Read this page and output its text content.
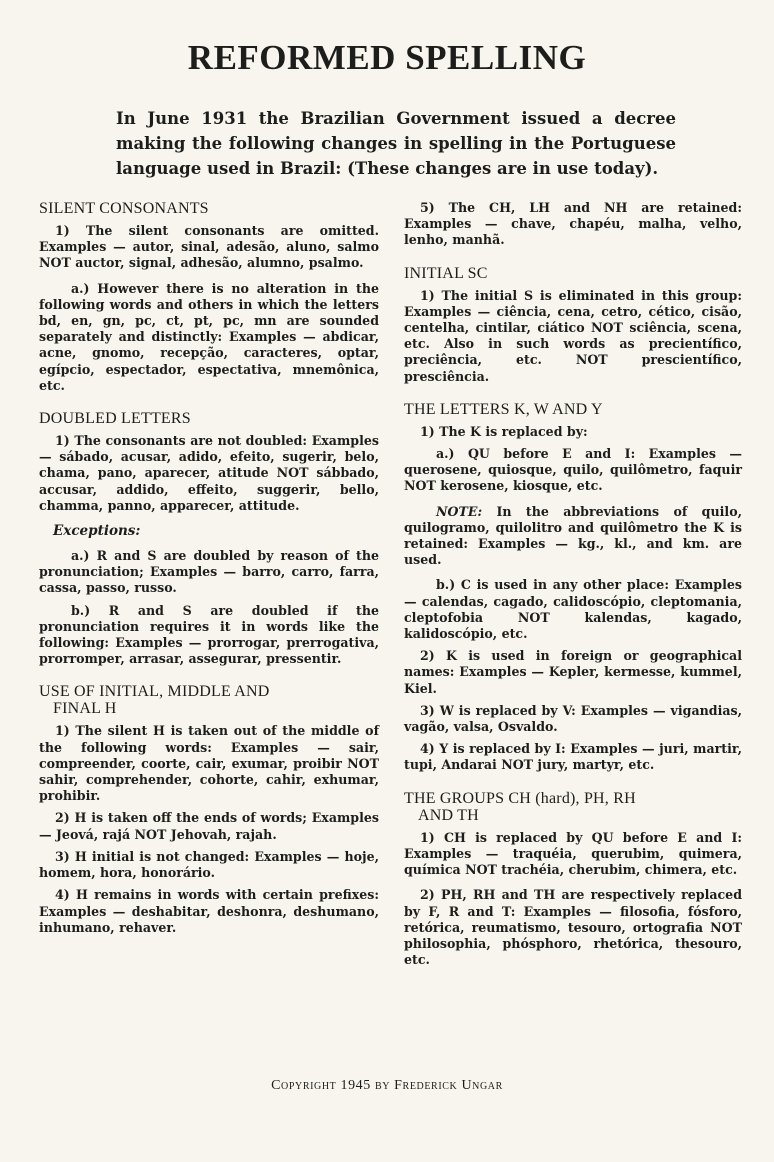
REFORMED SPELLING

In June 1931 the Brazilian Government issued a decree making the following changes in spelling in the Portuguese language used in Brazil: (These changes are in use today).

SILENT CONSONANTS

1) The silent consonants are omitted. Examples — autor, sinal, adesão, aluno, salmo NOT auctor, signal, adhesão, alumno, psalmo.

a.) However there is no alteration in the following words and others in which the letters bd, en, gn, pc, ct, pt, pc, mn are sounded separately and distinctly: Examples — abdicar, acne, gnomo, recepção, caracteres, optar, egípcio, espectador, espectativa, mnemônica, etc.

DOUBLED LETTERS

1) The consonants are not doubled: Examples — sábado, acusar, adido, efeito, sugerir, belo, chama, pano, aparecer, atitude NOT sábbado, accusar, addido, effeito, suggerir, bello, chamma, panno, apparecer, attitude.

Exceptions:

a.) R and S are doubled by reason of the pronunciation; Examples — barro, carro, farra, cassa, passo, russo.

b.) R and S are doubled if the pronunciation requires it in words like the following: Examples — prorrogar, prerrogativa, prorromper, arrasar, assegurar, pressentir.

USE OF INITIAL, MIDDLE AND
FINAL H

1) The silent H is taken out of the middle of the following words: Examples — sair, compreender, coorte, cair, exumar, proibir NOT sahir, comprehender, cohorte, cahir, exhumar, prohibir.

2) H is taken off the ends of words; Examples — Jeová, rajá NOT Jehovah, rajah.

3) H initial is not changed: Examples — hoje, homem, hora, honorário.

4) H remains in words with certain prefixes: Examples — deshabitar, deshonra, deshumano, inhumano, rehaver.

5) The CH, LH and NH are retained: Examples — chave, chapéu, malha, velho, lenho, manhã.

INITIAL SC

1) The initial S is eliminated in this group: Examples — ciência, cena, cetro, cético, cisão, centelha, cintilar, ciático NOT sciência, scena, etc. Also in such words as precientífico, preciência, etc. NOT prescientífico, presciência.

THE LETTERS K, W AND Y

1) The K is replaced by:

a.) QU before E and I: Examples — querosene, quiosque, quilo, quilômetro, faquir NOT kerosene, kiosque, etc.

NOTE: In the abbreviations of quilo, quilogramo, quilolitro and quilômetro the K is retained: Examples — kg., kl., and km. are used.

b.) C is used in any other place: Examples — calendas, cagado, calidoscópio, cleptomania, cleptofobia NOT kalendas, kagado, kalidoscópio, etc.

2) K is used in foreign or geographical names: Examples — Kepler, kermesse, kummel, Kiel.

3) W is replaced by V: Examples — vigandias, vagão, valsa, Osvaldo.

4) Y is replaced by I: Examples — juri, martir, tupi, Andarai NOT jury, martyr, etc.

THE GROUPS CH (hard), PH, RH
AND TH

1) CH is replaced by QU before E and I: Examples — traquéia, querubim, quimera, química NOT trachéia, cherubim, chimera, etc.

2) PH, RH and TH are respectively replaced by F, R and T: Examples — filosofia, fósforo, retórica, reumatismo, tesouro, ortografia NOT philosophia, phósphoro, rhetórica, thesouro, etc.

Copyright 1945 by Frederick Ungar
